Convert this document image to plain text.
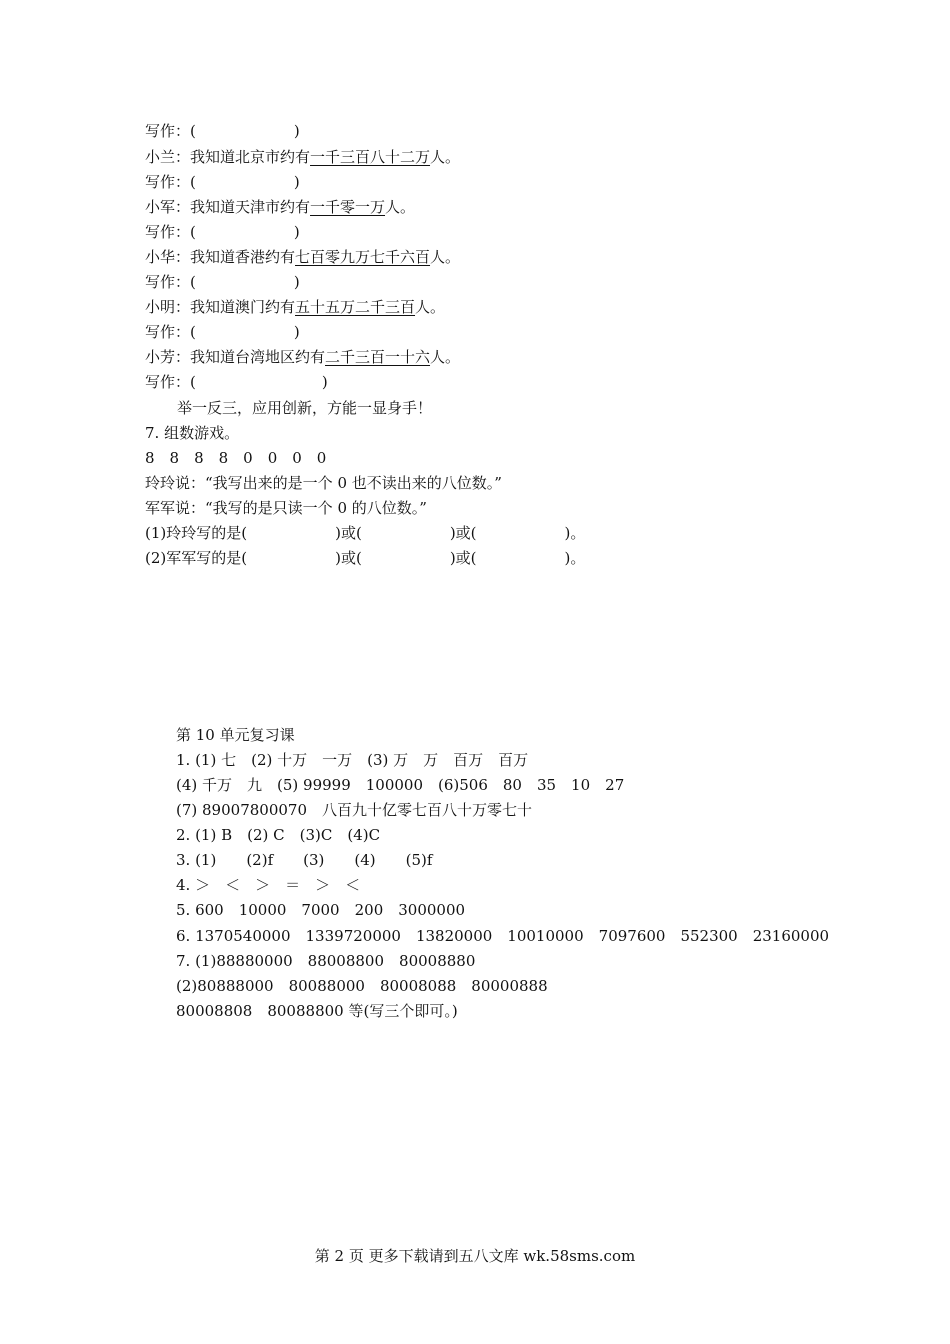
写作：(	)
小兰：我知道北京市约有一千三百八十二万人。
写作：(	)
小军：我知道天津市约有一千零一万人。
写作：(	)
小华：我知道香港约有七百零九万七千六百人。
写作：(	)
小明：我知道澳门约有五十五万二千三百人。
写作：(	)
小芳：我知道台湾地区约有二千三百一十六人。
写作：(	)
举一反三，应用创新，方能一显身手！
7. 组数游戏。
8　8　8　8　0　0　0　0
玲玲说：“我写出来的是一个 0 也不读出来的八位数。”
军军说：“我写的是只读一个 0 的八位数。”
(1)玲玲写的是(	)或(	)或(	)。
(2)军军写的是(	)或(	)或(	)。
第 10 单元复习课
1. (1) 七　(2) 十万　一万　(3) 万　万　百万　百万
(4) 千万　九　(5) 99999　100000　(6)506　80　35　10　27
(7) 89007800070　八百九十亿零七百八十万零七十
2. (1) B　(2) C　(3)C　(4)C
3. (1)　　(2)f　　(3)　　(4)　　(5)f
4. ＞　＜　＞　＝　＞　＜
5. 600　10000　7000　200　3000000
6. 1370540000　1339720000　13820000　10010000　7097600　552300　23160000
7. (1)88880000　88008800　80008880
(2)80888000　80088000　80008088　80000888
80008808　80088800 等(写三个即可。)
第 2 页 更多下载请到五八文库 wk.58sms.com
